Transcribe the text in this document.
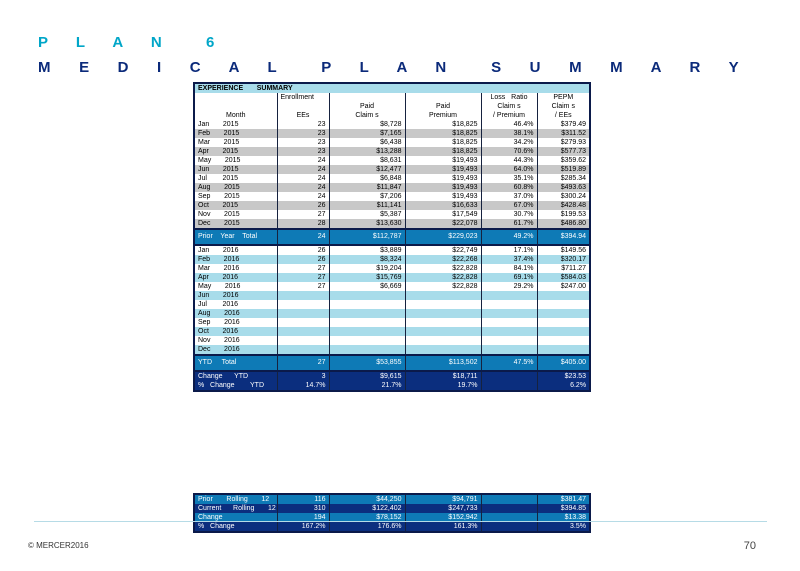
P L A N  6
M E D I C A L  P L A N  S U M M A R Y
EXPERIENCE       SUMMARY					
	Enrollment			Loss   Ratio	PEPM
		Paid	Paid	Claim s	Claim s
Month	EEs	Claim s	Premium	/ Premium	/ EEs
Jan       2015	23	$8,728	$18,825	46.4%	$379.49
Feb       2015	23	$7,165	$18,825	38.1%	$311.52
Mar       2015	23	$6,438	$18,825	34.2%	$279.93
Apr       2015	23	$13,288	$18,825	70.6%	$577.73
May       2015	24	$8,631	$19,493	44.3%	$359.62
Jun       2015	24	$12,477	$19,493	64.0%	$519.89
Jul        2015	24	$6,848	$19,493	35.1%	$285.34
Aug       2015	24	$11,847	$19,493	60.8%	$493.63
Sep       2015	24	$7,206	$19,493	37.0%	$300.24
Oct       2015	26	$11,141	$16,633	67.0%	$428.48
Nov       2015	27	$5,387	$17,549	30.7%	$199.53
Dec       2015	28	$13,630	$22,078	61.7%	$486.80
Prior    Year    Total	24	$112,787	$229,023	49.2%	$394.94
Jan       2016	26	$3,889	$22,749	17.1%	$149.56
Feb       2016	26	$8,324	$22,268	37.4%	$320.17
Mar       2016	27	$19,204	$22,828	84.1%	$711.27
Apr       2016	27	$15,769	$22,828	69.1%	$584.03
May       2016	27	$6,669	$22,828	29.2%	$247.00
Jun       2016					
Jul        2016					
Aug       2016					
Sep       2016					
Oct       2016					
Nov       2016					
Dec       2016					
YTD     Total	27	$53,855	$113,502	47.5%	$405.00
Change      YTD	3	$9,615	$18,711		$23.53
%   Change        YTD	14.7%	21.7%	19.7%		6.2%
Prior       Rolling       12	116	$44,250	$94,791		$381.47
Current      Rolling       12	310	$122,402	$247,733		$394.85
Change	194	$78,152	$152,942		$13.38
%   Change	167.2%	176.6%	161.3%		3.5%
© MERCER2016	70
